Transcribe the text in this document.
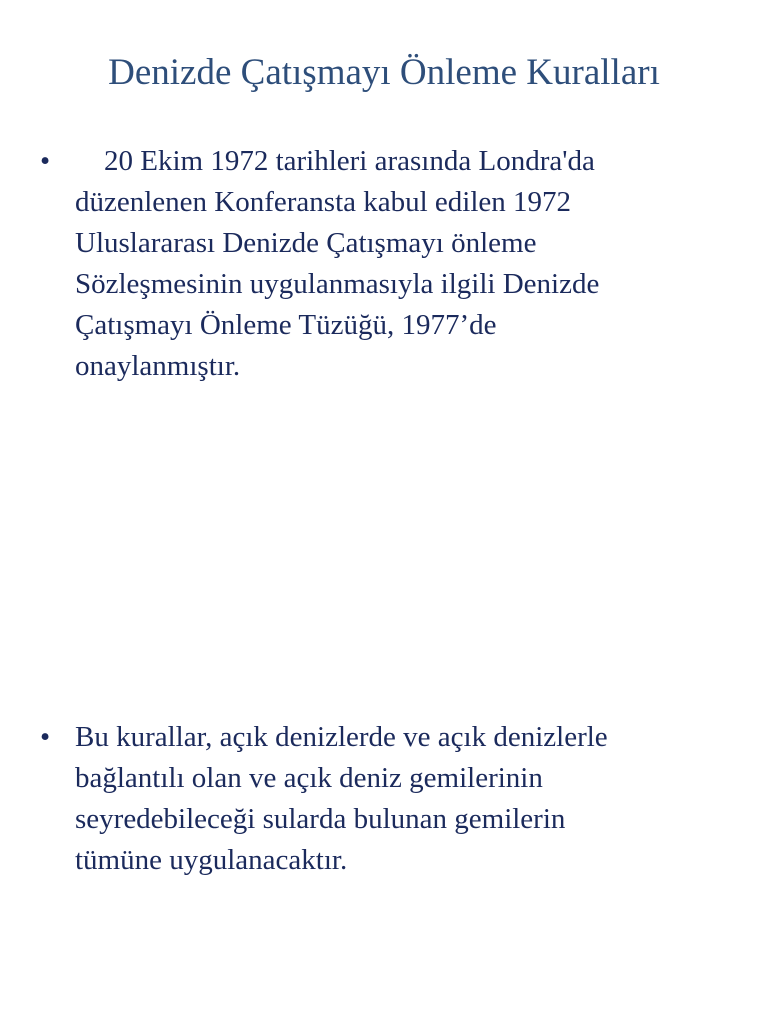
Denizde Çatışmayı Önleme Kuralları
• 20 Ekim 1972 tarihleri arasında Londra'da
düzenlenen Konferansta kabul edilen 1972
Uluslararası Denizde Çatışmayı önleme
Sözleşmesinin uygulanmasıyla ilgili Denizde
Çatışmayı Önleme Tüzüğü, 1977’de
onaylanmıştır.
• Bu kurallar, açık denizlerde ve açık denizlerle
bağlantılı olan ve açık deniz gemilerinin
seyredebileceği sularda bulunan gemilerin
tümüne uygulanacaktır.
